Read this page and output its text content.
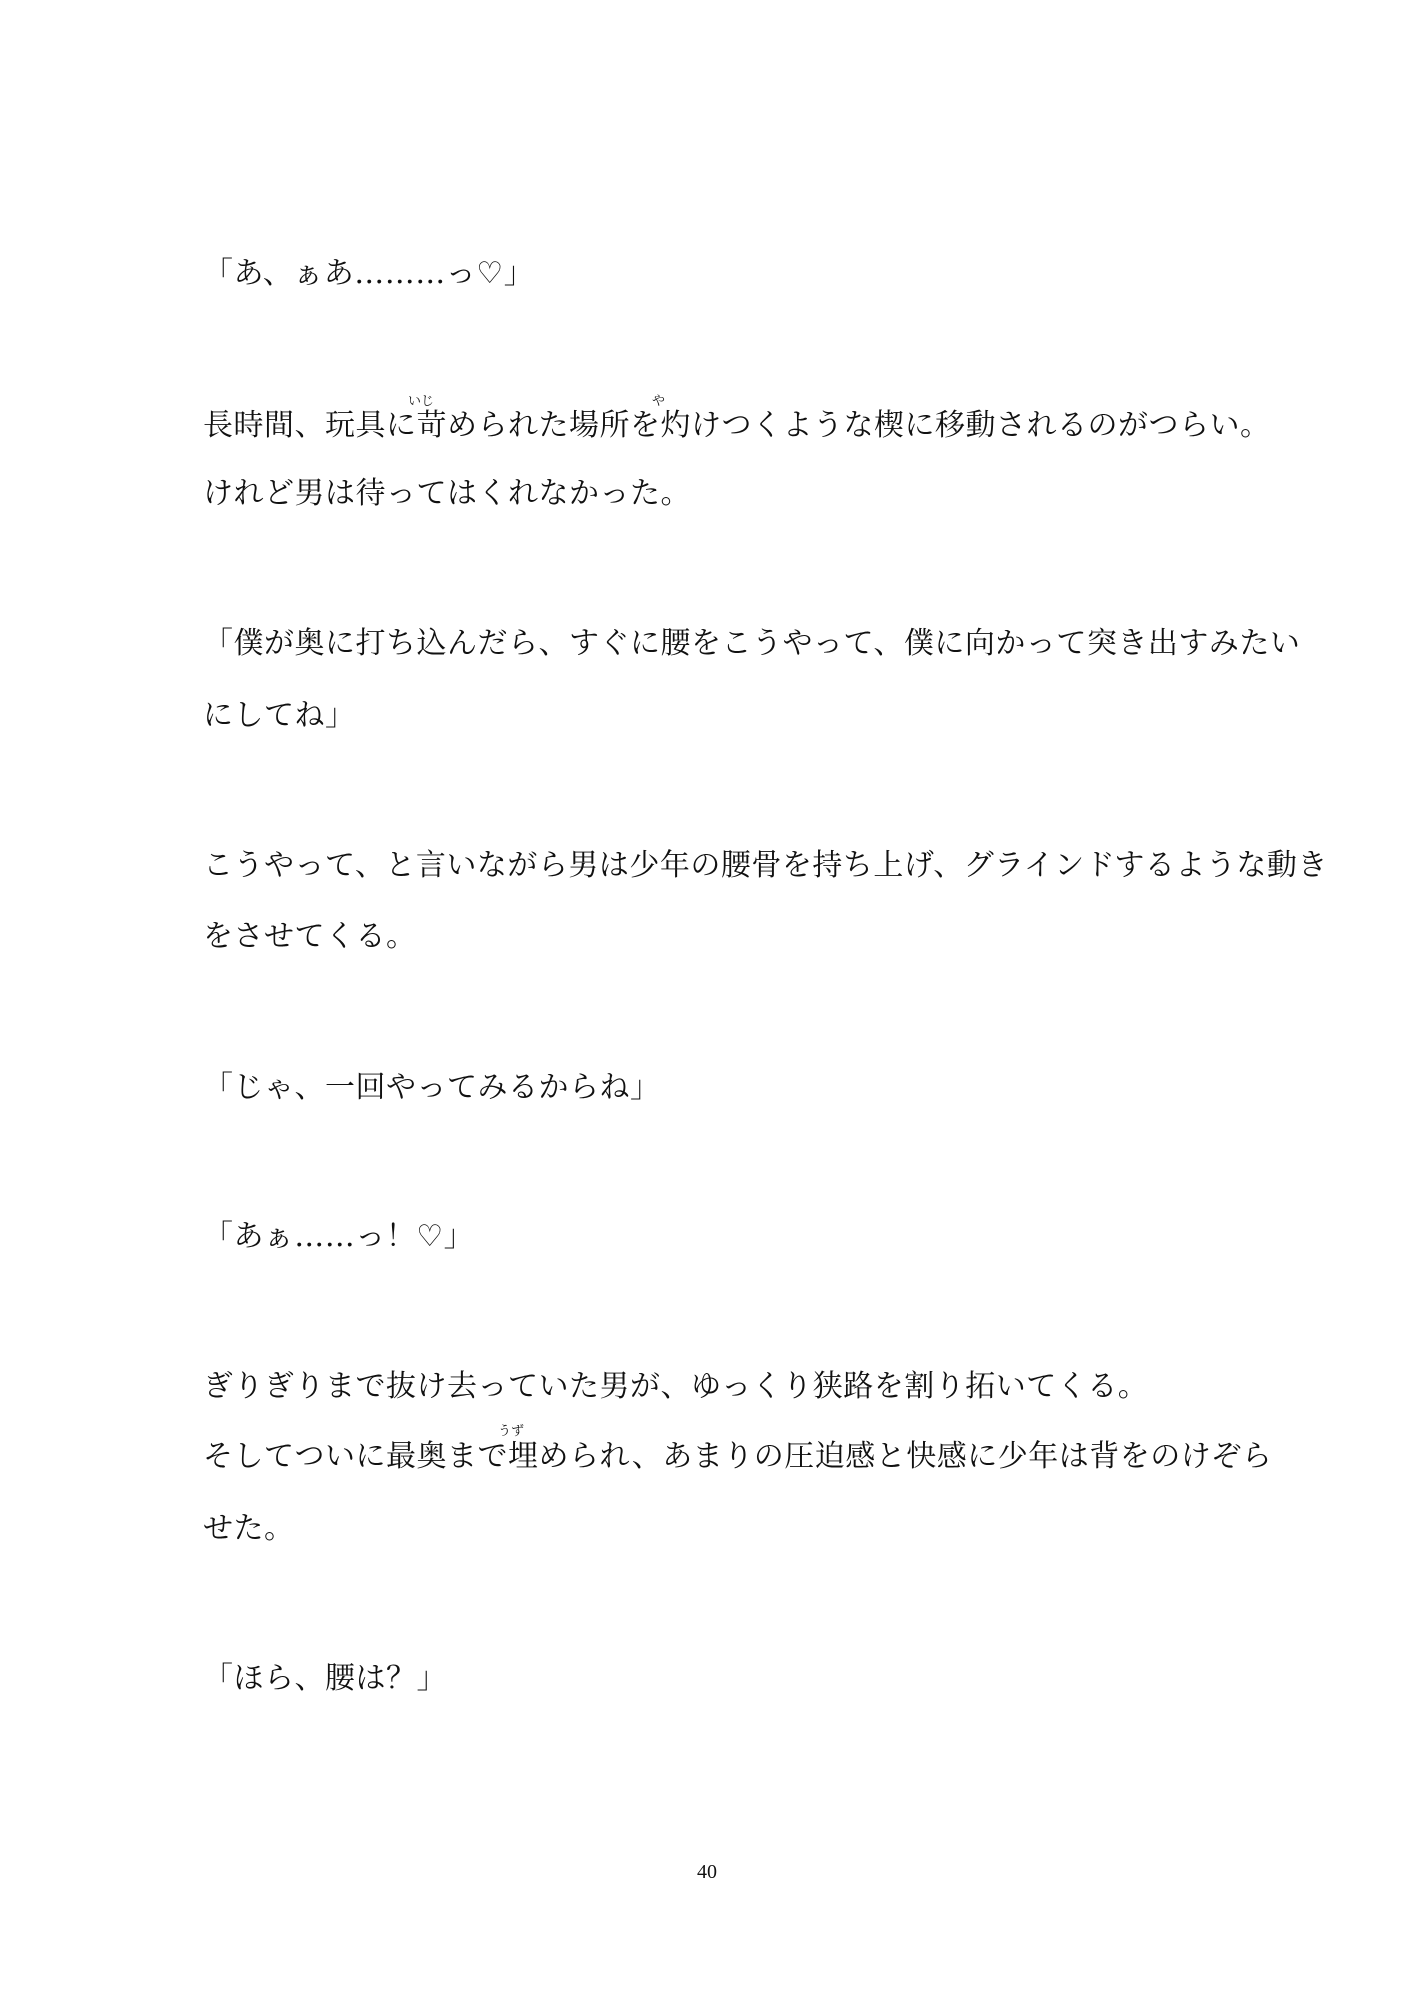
「あ、ぁあ………っ♡」
いじ	や
長時間、玩具に苛められた場所を灼けつくような楔に移動されるのがつらい。
けれど男は待ってはくれなかった。
「僕が奥に打ち込んだら、すぐに腰をこうやって、僕に向かって突き出すみたい
にしてね」
こうやって、と言いながら男は少年の腰骨を持ち上げ、グラインドするような動き
をさせてくる。
「じゃ、一回やってみるからね」
「あぁ……っ！♡」
ぎりぎりまで抜け去っていた男が、ゆっくり狭路を割り拓いてくる。
うず
そしてついに最奥まで埋められ、あまりの圧迫感と快感に少年は背をのけぞら
せた。
「ほら、腰は？」
40
